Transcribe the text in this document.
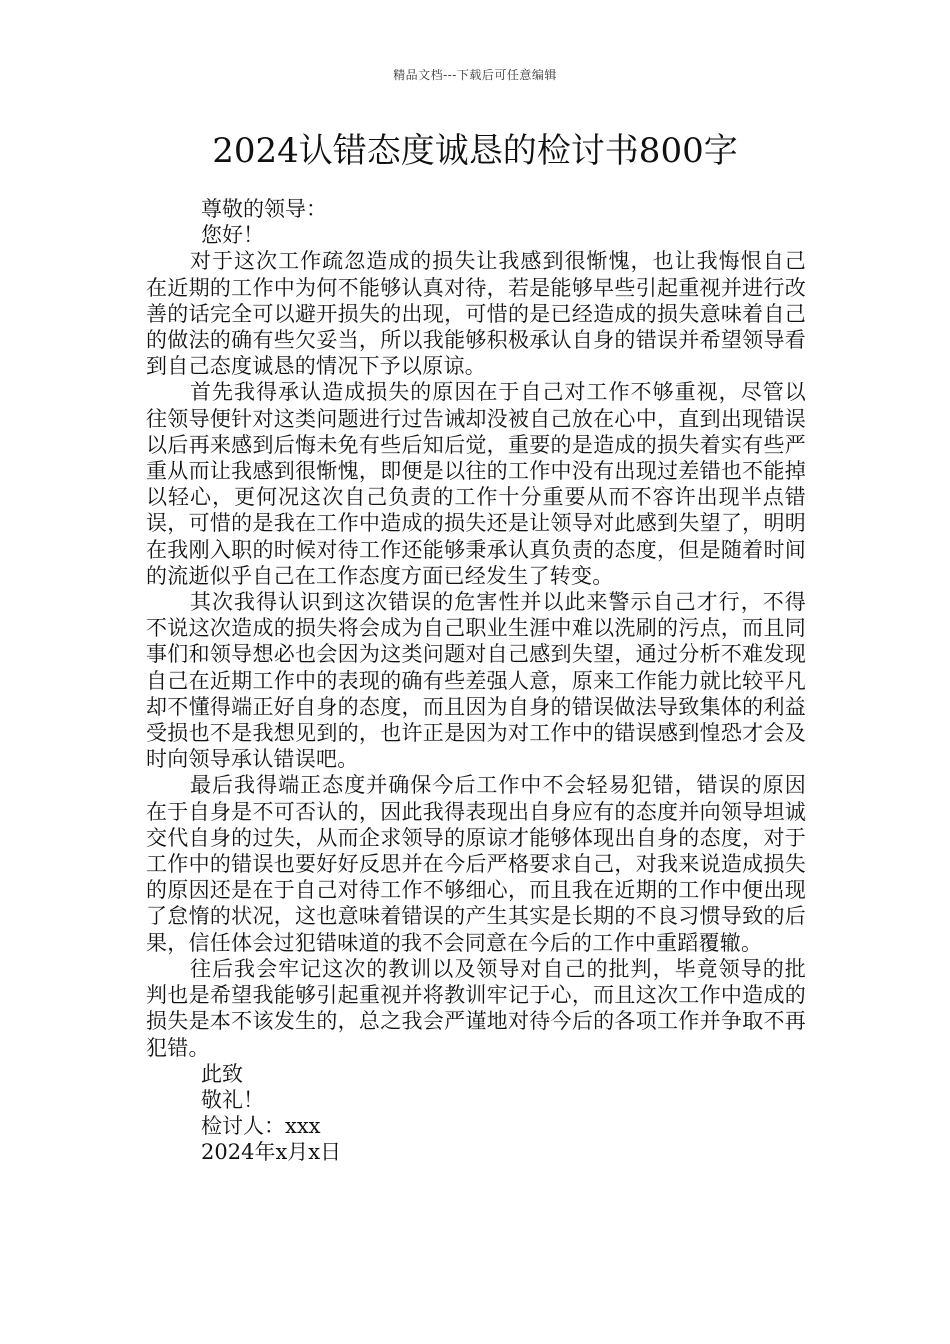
精品文档---下载后可任意编辑
2024认错态度诚恳的检讨书800字

尊敬的领导：

您好！

对于这次工作疏忽造成的损失让我感到很惭愧，也让我悔恨自己在近期的工作中为何不能够认真对待，若是能够早些引起重视并进行改善的话完全可以避开损失的出现，可惜的是已经造成的损失意味着自己的做法的确有些欠妥当，所以我能够积极承认自身的错误并希望领导看到自己态度诚恳的情况下予以原谅。

首先我得承认造成损失的原因在于自己对工作不够重视，尽管以往领导便针对这类问题进行过告诫却没被自己放在心中，直到出现错误以后再来感到后悔未免有些后知后觉，重要的是造成的损失着实有些严重从而让我感到很惭愧，即便是以往的工作中没有出现过差错也不能掉以轻心，更何况这次自己负责的工作十分重要从而不容许出现半点错误，可惜的是我在工作中造成的损失还是让领导对此感到失望了，明明在我刚入职的时候对待工作还能够秉承认真负责的态度，但是随着时间的流逝似乎自己在工作态度方面已经发生了转变。

其次我得认识到这次错误的危害性并以此来警示自己才行，不得不说这次造成的损失将会成为自己职业生涯中难以洗刷的污点，而且同事们和领导想必也会因为这类问题对自己感到失望，通过分析不难发现自己在近期工作中的表现的确有些差强人意，原来工作能力就比较平凡却不懂得端正好自身的态度，而且因为自身的错误做法导致集体的利益受损也不是我想见到的，也许正是因为对工作中的错误感到惶恐才会及时向领导承认错误吧。

最后我得端正态度并确保今后工作中不会轻易犯错，错误的原因在于自身是不可否认的，因此我得表现出自身应有的态度并向领导坦诚交代自身的过失，从而企求领导的原谅才能够体现出自身的态度，对于工作中的错误也要好好反思并在今后严格要求自己，对我来说造成损失的原因还是在于自己对待工作不够细心，而且我在近期的工作中便出现了怠惰的状况，这也意味着错误的产生其实是长期的不良习惯导致的后果，信任体会过犯错味道的我不会同意在今后的工作中重蹈覆辙。

往后我会牢记这次的教训以及领导对自己的批判，毕竟领导的批判也是希望我能够引起重视并将教训牢记于心，而且这次工作中造成的损失是本不该发生的，总之我会严谨地对待今后的各项工作并争取不再犯错。

此致

敬礼！

检讨人：xxx

2024年x月x日
